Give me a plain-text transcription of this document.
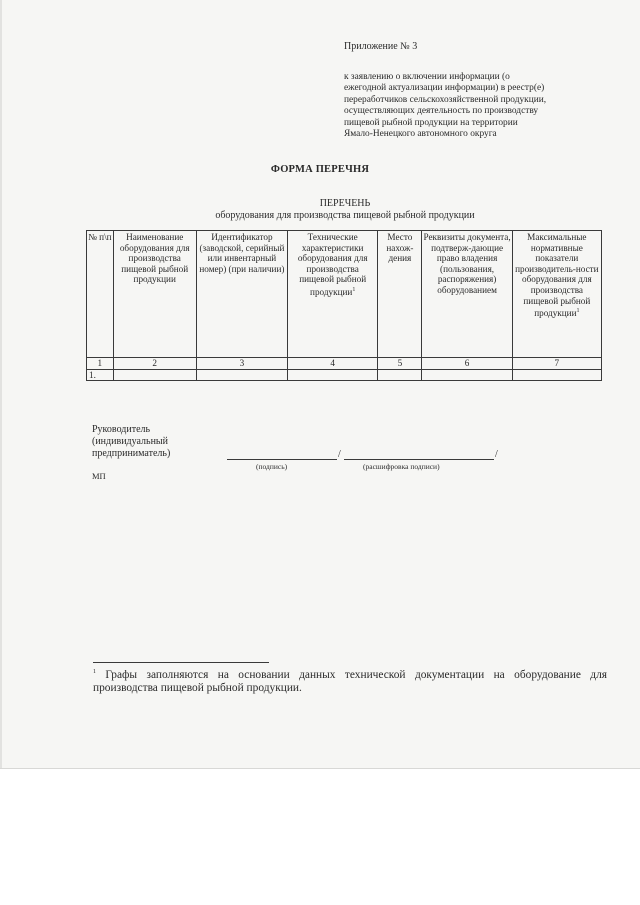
Приложение № 3
к заявлению о включении информации (о
ежегодной актуализации информации) в реестр(е)
переработчиков сельскохозяйственной продукции,
осуществляющих деятельность по производству
пищевой рыбной продукции на территории
Ямало-Ненецкого автономного округа
ФОРМА ПЕРЕЧНЯ
ПЕРЕЧЕНЬ
оборудования для производства пищевой рыбной продукции
№ п\п	Наименование оборудования для производства пищевой рыбной продукции	Идентификатор (заводской, серийный или инвентарный номер) (при наличии)	Технические характеристики оборудования для производства пищевой рыбной продукции$^1$	Место нахож-дения	Реквизиты документа, подтверж-дающие право владения (пользования, распоряжения) оборудованием	Максимальные нормативные показатели производитель-ности оборудования для производства пищевой рыбной продукции$^1$
1	2	3	4	5	6	7
1.						
Руководитель
(индивидуальный
предприниматель)	/	/
(подпись)	(расшифровка подписи)
МП
$^1$ Графы заполняются на основании данных технической документации на оборудование для производства пищевой рыбной продукции.
